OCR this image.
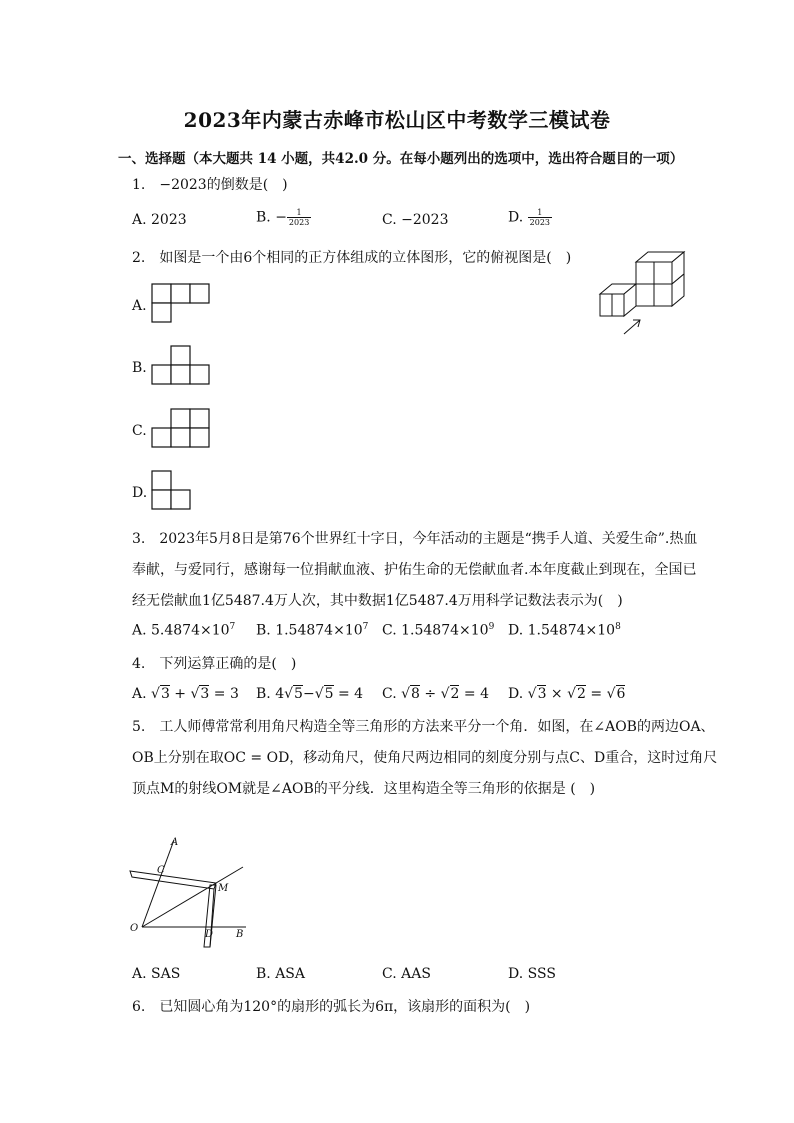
2023年内蒙古赤峰市松山区中考数学三模试卷
一、选择题（本大题共 14 小题，共42.0 分。在每小题列出的选项中，选出符合题目的一项）
1.　−2023的倒数是(　)
A. 2023	B. − $\frac{1}{2023}$	C. −2023	D. $\frac{1}{2023}$
2.　如图是一个由6个相同的正方体组成的立体图形，它的俯视图是(　)
A.
B.
C.
D.
3.　2023年5月8日是第76个世界红十字日，今年活动的主题是“携手人道、关爱生命”.热血
奉献，与爱同行，感谢每一位捐献血液、护佑生命的无偿献血者.本年度截止到现在，全国已
经无偿献血1亿5487.4万人次，其中数据1亿5487.4万用科学记数法表示为(　)
A. $5.4874\times 10^7$ B. $1.54874\times 10^7$ C. $1.54874\times 10^9$ D. $1.54874\times 10^8$
4.　下列运算正确的是(　)
A. √3 + √3 = 3 B. 4√5−√5 = 4 C. √8 ÷ √2 = 4 D. √3 × √2 = √6
5.　工人师傅常常利用角尺构造全等三角形的方法来平分一个角．如图，在∠AOB的两边OA、
OB上分别在取OC = OD，移动角尺，使角尺两边相同的刻度分别与点C、D重合，这时过角尺
顶点M的射线OM就是∠AOB的平分线．这里构造全等三角形的依据是 (　)
A
C
M
O
D B
A. SAS	B. ASA	C. AAS	D. SSS
6.　已知圆心角为120°的扇形的弧长为6π，该扇形的面积为(　)
